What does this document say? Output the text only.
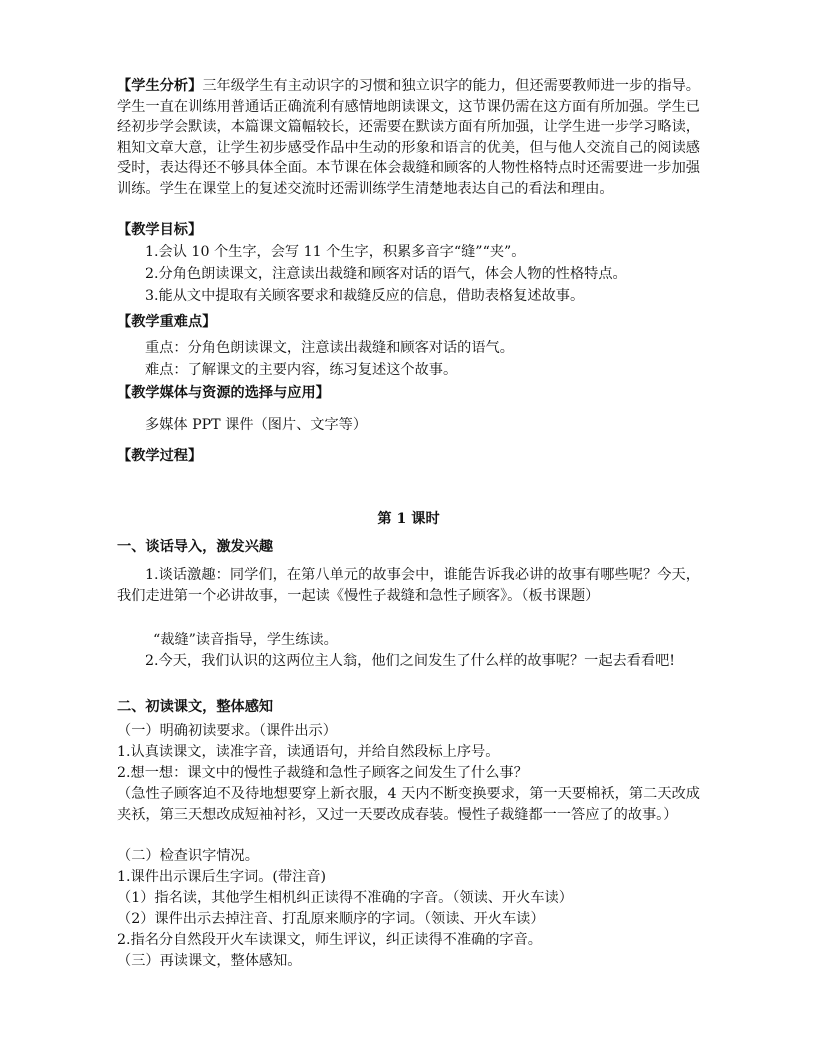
【学生分析】三年级学生有主动识字的习惯和独立识字的能力，但还需要教师进一步的指导。学生一直在训练用普通话正确流利有感情地朗读课文，这节课仍需在这方面有所加强。学生已经初步学会默读，本篇课文篇幅较长，还需要在默读方面有所加强，让学生进一步学习略读，粗知文章大意，让学生初步感受作品中生动的形象和语言的优美，但与他人交流自己的阅读感受时，表达得还不够具体全面。本节课在体会裁缝和顾客的人物性格特点时还需要进一步加强训练。学生在课堂上的复述交流时还需训练学生清楚地表达自己的看法和理由。
【教学目标】
1.会认 10 个生字，会写 11 个生字，积累多音字“缝”“夹”。
2.分角色朗读课文，注意读出裁缝和顾客对话的语气，体会人物的性格特点。
3.能从文中提取有关顾客要求和裁缝反应的信息，借助表格复述故事。
【教学重难点】
重点：分角色朗读课文，注意读出裁缝和顾客对话的语气。
难点：了解课文的主要内容，练习复述这个故事。
【教学媒体与资源的选择与应用】
多媒体 PPT 课件（图片、文字等）
【教学过程】
第 1 课时
一、谈话导入，激发兴趣
1.谈话激趣：同学们，在第八单元的故事会中，谁能告诉我必讲的故事有哪些呢？今天，我们走进第一个必讲故事，一起读《慢性子裁缝和急性子顾客》。（板书课题）
“裁缝”读音指导，学生练读。
2.今天，我们认识的这两位主人翁，他们之间发生了什么样的故事呢？一起去看看吧!
二、初读课文，整体感知
（一）明确初读要求。（课件出示）
1.认真读课文，读准字音，读通语句，并给自然段标上序号。
2.想一想：课文中的慢性子裁缝和急性子顾客之间发生了什么事？
（急性子顾客迫不及待地想要穿上新衣服，4 天内不断变换要求，第一天要棉袄，第二天改成夹袄，第三天想改成短袖衬衫，又过一天要改成春装。慢性子裁缝都一一答应了的故事。）
（二）检查识字情况。
1.课件出示课后生字词。(带注音)
（1）指名读，其他学生相机纠正读得不准确的字音。（领读、开火车读）
（2）课件出示去掉注音、打乱原来顺序的字词。（领读、开火车读）
2.指名分自然段开火车读课文，师生评议，纠正读得不准确的字音。
（三）再读课文，整体感知。
